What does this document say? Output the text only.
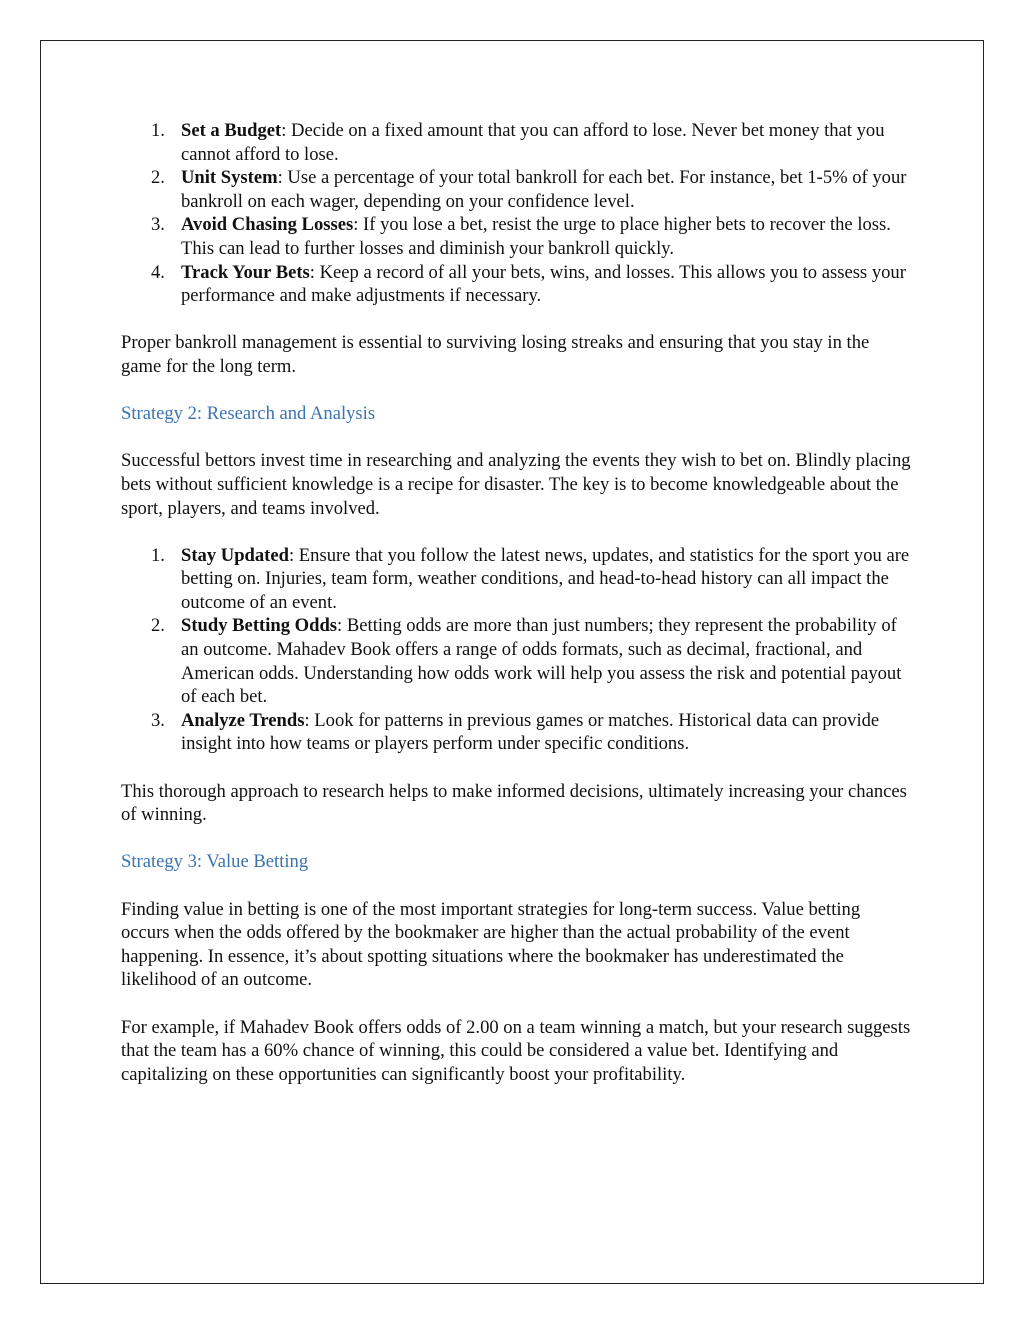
1. Set a Budget: Decide on a fixed amount that you can afford to lose. Never bet money that you cannot afford to lose.
2. Unit System: Use a percentage of your total bankroll for each bet. For instance, bet 1-5% of your bankroll on each wager, depending on your confidence level.
3. Avoid Chasing Losses: If you lose a bet, resist the urge to place higher bets to recover the loss. This can lead to further losses and diminish your bankroll quickly.
4. Track Your Bets: Keep a record of all your bets, wins, and losses. This allows you to assess your performance and make adjustments if necessary.

Proper bankroll management is essential to surviving losing streaks and ensuring that you stay in the game for the long term.

Strategy 2: Research and Analysis

Successful bettors invest time in researching and analyzing the events they wish to bet on. Blindly placing bets without sufficient knowledge is a recipe for disaster. The key is to become knowledgeable about the sport, players, and teams involved.

1. Stay Updated: Ensure that you follow the latest news, updates, and statistics for the sport you are betting on. Injuries, team form, weather conditions, and head-to-head history can all impact the outcome of an event.
2. Study Betting Odds: Betting odds are more than just numbers; they represent the probability of an outcome. Mahadev Book offers a range of odds formats, such as decimal, fractional, and American odds. Understanding how odds work will help you assess the risk and potential payout of each bet.
3. Analyze Trends: Look for patterns in previous games or matches. Historical data can provide insight into how teams or players perform under specific conditions.

This thorough approach to research helps to make informed decisions, ultimately increasing your chances of winning.

Strategy 3: Value Betting

Finding value in betting is one of the most important strategies for long-term success. Value betting occurs when the odds offered by the bookmaker are higher than the actual probability of the event happening. In essence, it’s about spotting situations where the bookmaker has underestimated the likelihood of an outcome.

For example, if Mahadev Book offers odds of 2.00 on a team winning a match, but your research suggests that the team has a 60% chance of winning, this could be considered a value bet. Identifying and capitalizing on these opportunities can significantly boost your profitability.
